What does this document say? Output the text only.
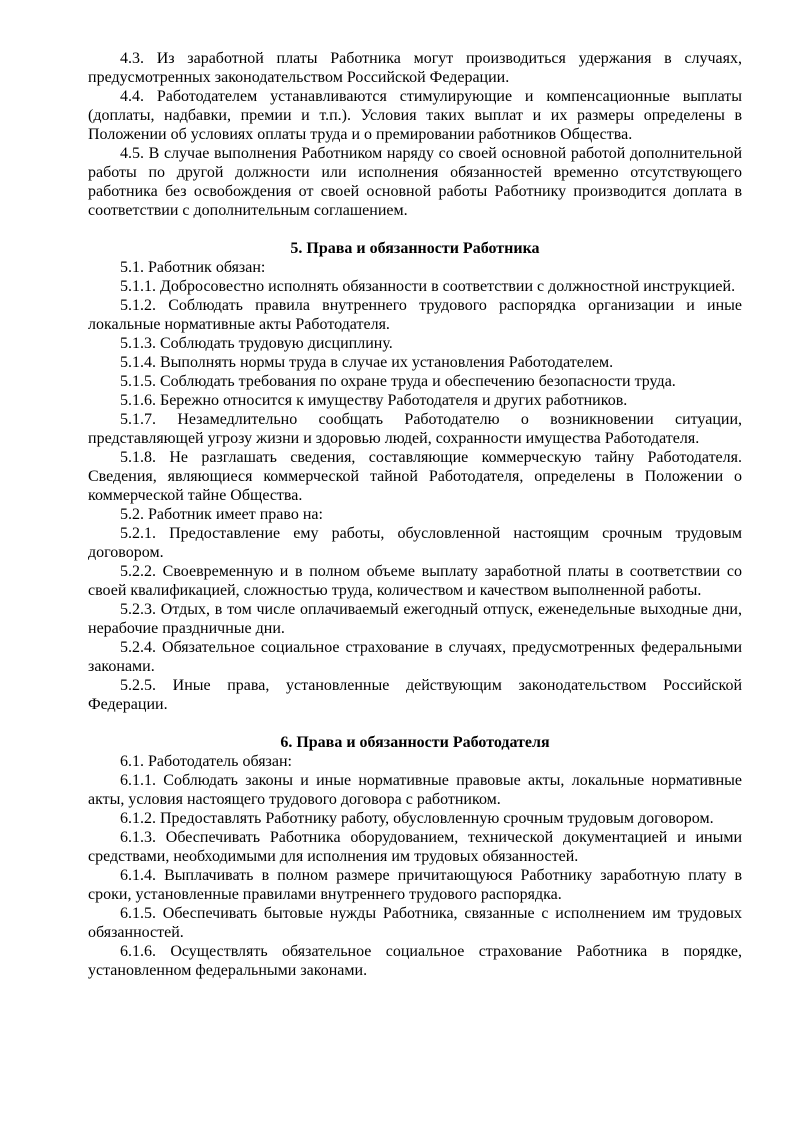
4.3. Из заработной платы Работника могут производиться удержания в случаях, предусмотренных законодательством Российской Федерации.

4.4. Работодателем устанавливаются стимулирующие и компенсационные выплаты (доплаты, надбавки, премии и т.п.). Условия таких выплат и их размеры определены в Положении об условиях оплаты труда и о премировании работников Общества.

4.5. В случае выполнения Работником наряду со своей основной работой дополнительной работы по другой должности или исполнения обязанностей временно отсутствующего работника без освобождения от своей основной работы Работнику производится доплата в соответствии с дополнительным соглашением.

5. Права и обязанности Работника

5.1. Работник обязан:

5.1.1. Добросовестно исполнять обязанности в соответствии с должностной инструкцией.

5.1.2. Соблюдать правила внутреннего трудового распорядка организации и иные локальные нормативные акты Работодателя.

5.1.3. Соблюдать трудовую дисциплину.

5.1.4. Выполнять нормы труда в случае их установления Работодателем.

5.1.5. Соблюдать требования по охране труда и обеспечению безопасности труда.

5.1.6. Бережно относится к имуществу Работодателя и других работников.

5.1.7. Незамедлительно сообщать Работодателю о возникновении ситуации, представляющей угрозу жизни и здоровью людей, сохранности имущества Работодателя.

5.1.8. Не разглашать сведения, составляющие коммерческую тайну Работодателя. Сведения, являющиеся коммерческой тайной Работодателя, определены в Положении о коммерческой тайне Общества.

5.2. Работник имеет право на:

5.2.1. Предоставление ему работы, обусловленной настоящим срочным трудовым договором.

5.2.2. Своевременную и в полном объеме выплату заработной платы в соответствии со своей квалификацией, сложностью труда, количеством и качеством выполненной работы.

5.2.3. Отдых, в том числе оплачиваемый ежегодный отпуск, еженедельные выходные дни, нерабочие праздничные дни.

5.2.4. Обязательное социальное страхование в случаях, предусмотренных федеральными законами.

5.2.5. Иные права, установленные действующим законодательством Российской Федерации.

6. Права и обязанности Работодателя

6.1. Работодатель обязан:

6.1.1. Соблюдать законы и иные нормативные правовые акты, локальные нормативные акты, условия настоящего трудового договора с работником.

6.1.2. Предоставлять Работнику работу, обусловленную срочным трудовым договором.

6.1.3. Обеспечивать Работника оборудованием, технической документацией и иными средствами, необходимыми для исполнения им трудовых обязанностей.

6.1.4. Выплачивать в полном размере причитающуюся Работнику заработную плату в сроки, установленные правилами внутреннего трудового распорядка.

6.1.5. Обеспечивать бытовые нужды Работника, связанные с исполнением им трудовых обязанностей.

6.1.6. Осуществлять обязательное социальное страхование Работника в порядке, установленном федеральными законами.
